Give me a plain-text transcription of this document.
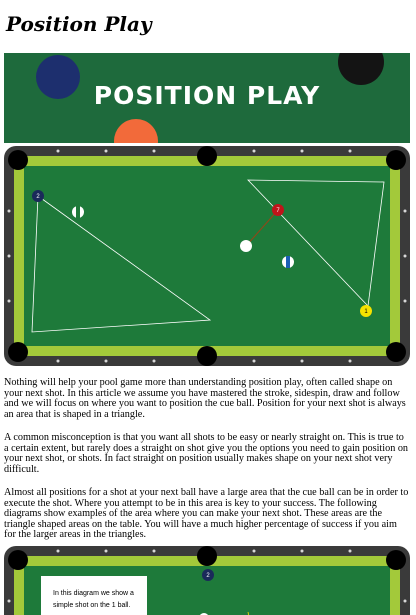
Position Play
POSITION PLAY
2
7
1

Nothing will help your pool game more than understanding position play, often called shape on your next shot. In this article we assume you have mastered the stroke, sidespin, draw and follow and we will focus on where you want to position the cue ball. Position for your next shot is always an area that is shaped in a triangle.

A common misconception is that you want all shots to be easy or nearly straight on. This is true to a certain extent, but rarely does a straight on shot give you the options you need to gain position on your next shot, or shots. In fact straight on position usually makes shape on your next shot very difficult.

Almost all positions for a shot at your next ball have a large area that the cue ball can be in order to execute the shot. Where you attempt to be in this area is key to your success. The following diagrams show examples of the area where you can make your next shot. These areas are the triangle shaped areas on the table. You will have a much higher percentage of success if you aim for the larger areas in the triangles.

2
In this diagram we show a simple shot on the 1 ball.
